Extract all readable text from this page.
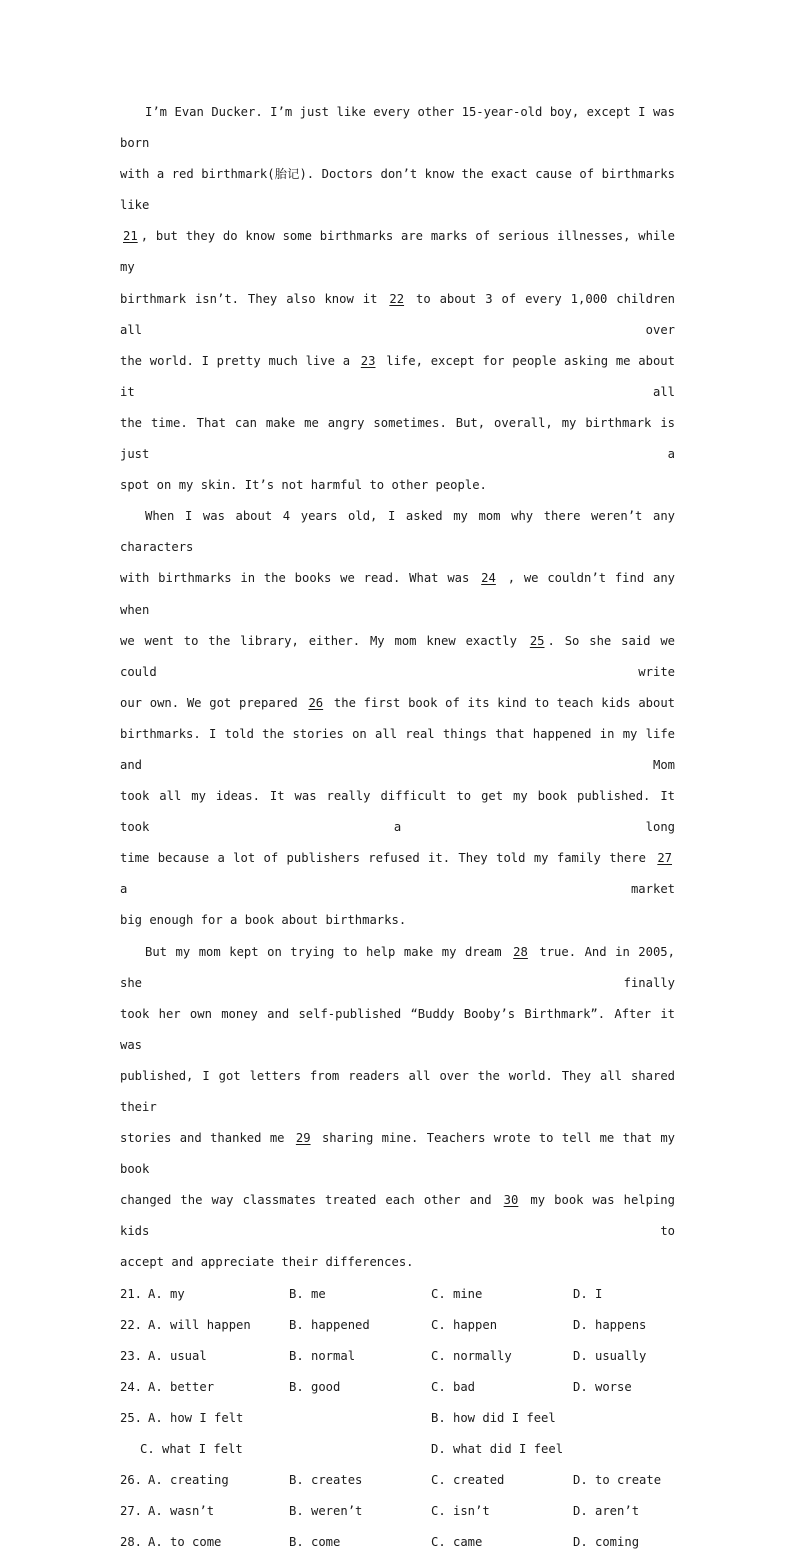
I’m Evan Ducker. I’m just like every other 15-year-old boy, except I was born

with a red birthmark(胎记). Doctors don’t know the exact cause of birthmarks like

21 , but they do know some birthmarks are marks of serious illnesses, while my

birthmark isn’t. They also know it 22 to about 3 of every 1,000 children all over

the world. I pretty much live a 23 life, except for people asking me about it all

the time. That can make me angry sometimes. But, overall, my birthmark is just a

spot on my skin. It’s not harmful to other people.

When I was about 4 years old, I asked my mom why there weren’t any characters

with birthmarks in the books we read. What was 24 , we couldn’t find any when

we went to the library, either. My mom knew exactly 25 . So she said we could write

our own. We got prepared 26 the first book of its kind to teach kids about

birthmarks. I told the stories on all real things that happened in my life and Mom

took all my ideas. It was really difficult to get my book published. It took a long

time because a lot of publishers refused it. They told my family there 27 a market

big enough for a book about birthmarks.

But my mom kept on trying to help make my dream 28 true. And in 2005, she finally

took her own money and self-published “Buddy Booby’s Birthmark”. After it was

published, I got letters from readers all over the world. They all shared their

stories and thanked me 29 sharing mine. Teachers wrote to tell me that my book

changed the way classmates treated each other and 30 my book was helping kids to

accept and appreciate their differences.

21. A. my	B. me	C. mine	D. I
22. A. will happen	B. happened	C. happen	D. happens
23. A. usual	B. normal	C. normally	D. usually
24. A. better	B. good	C. bad	D. worse
25. A. how I felt	B. how did I feel
C. what I felt	D. what did I feel
26. A. creating	B. creates	C. created	D. to create
27. A. wasn’t	B. weren’t	C. isn’t	D. aren’t
28. A. to come	B. come	C. came	D. coming
